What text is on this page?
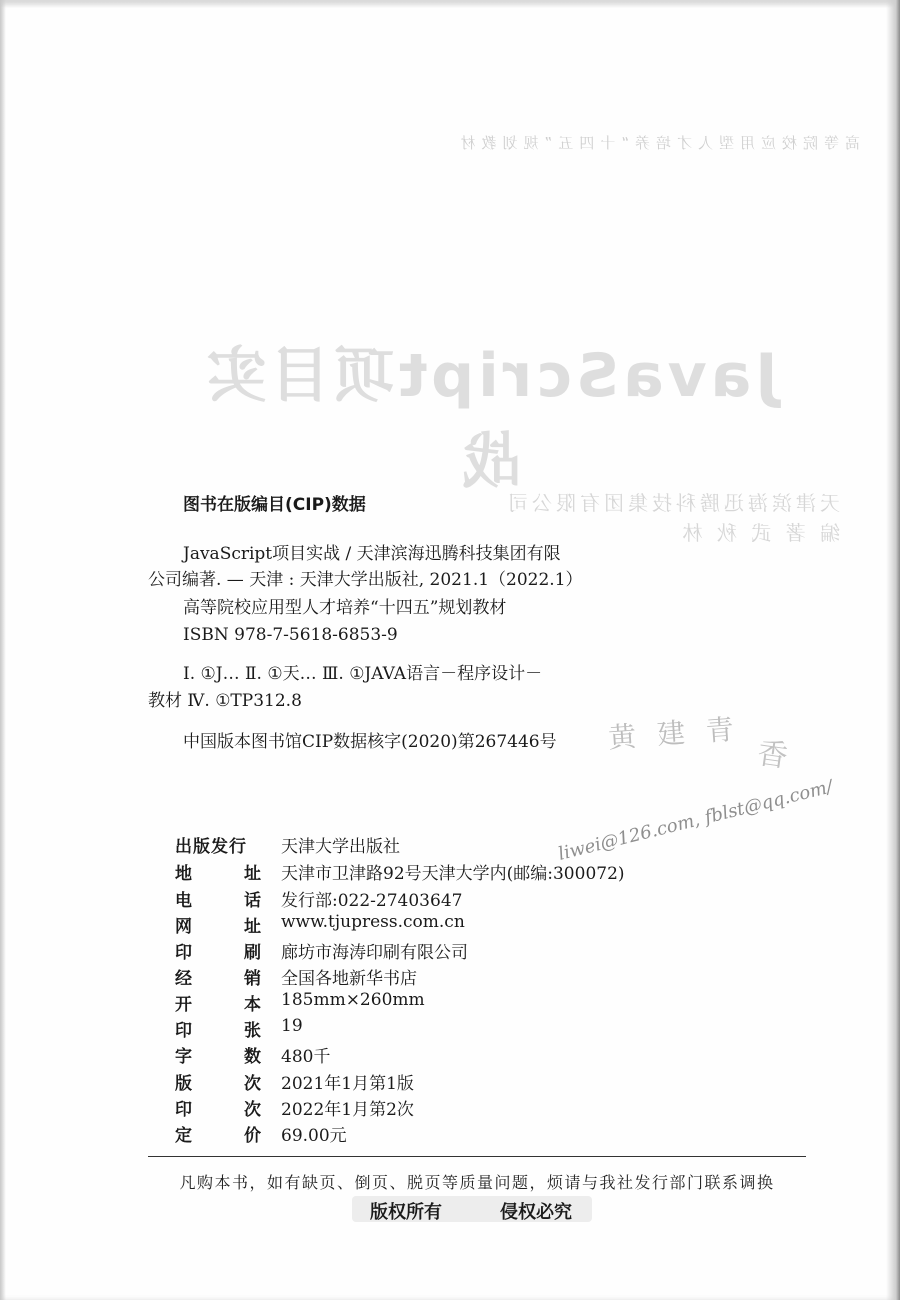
高等院校应用型人才培养“十四五”规划教材
JavaScript项目实战
天津滨海迅腾科技集团有限公司
编 著 武 秋 林
图书在版编目(CIP)数据
JavaScript项目实战 / 天津滨海迅腾科技集团有限
公司编著. — 天津 : 天津大学出版社, 2021.1（2022.1）
高等院校应用型人才培养“十四五”规划教材
ISBN 978-7-5618-6853-9
Ⅰ. ①J… Ⅱ. ①天… Ⅲ. ①JAVA语言－程序设计－
教材 Ⅳ. ①TP312.8
中国版本图书馆CIP数据核字(2020)第267446号 黄 建 青
香
liwei@126.com, fblst@qq.com/
出版发行 天津大学出版社
地	址 天津市卫津路92号天津大学内(邮编:300072)
电	话 发行部:022-27403647
网	址 www.tjupress.com.cn
印	刷 廊坊市海涛印刷有限公司
经	销 全国各地新华书店
开	本 185mm×260mm
印	张 19
字	数 480千
版	次 2021年1月第1版
印	次 2022年1月第2次
定	价 69.00元
凡购本书，如有缺页、倒页、脱页等质量问题，烦请与我社发行部门联系调换
版权所有	侵权必究
